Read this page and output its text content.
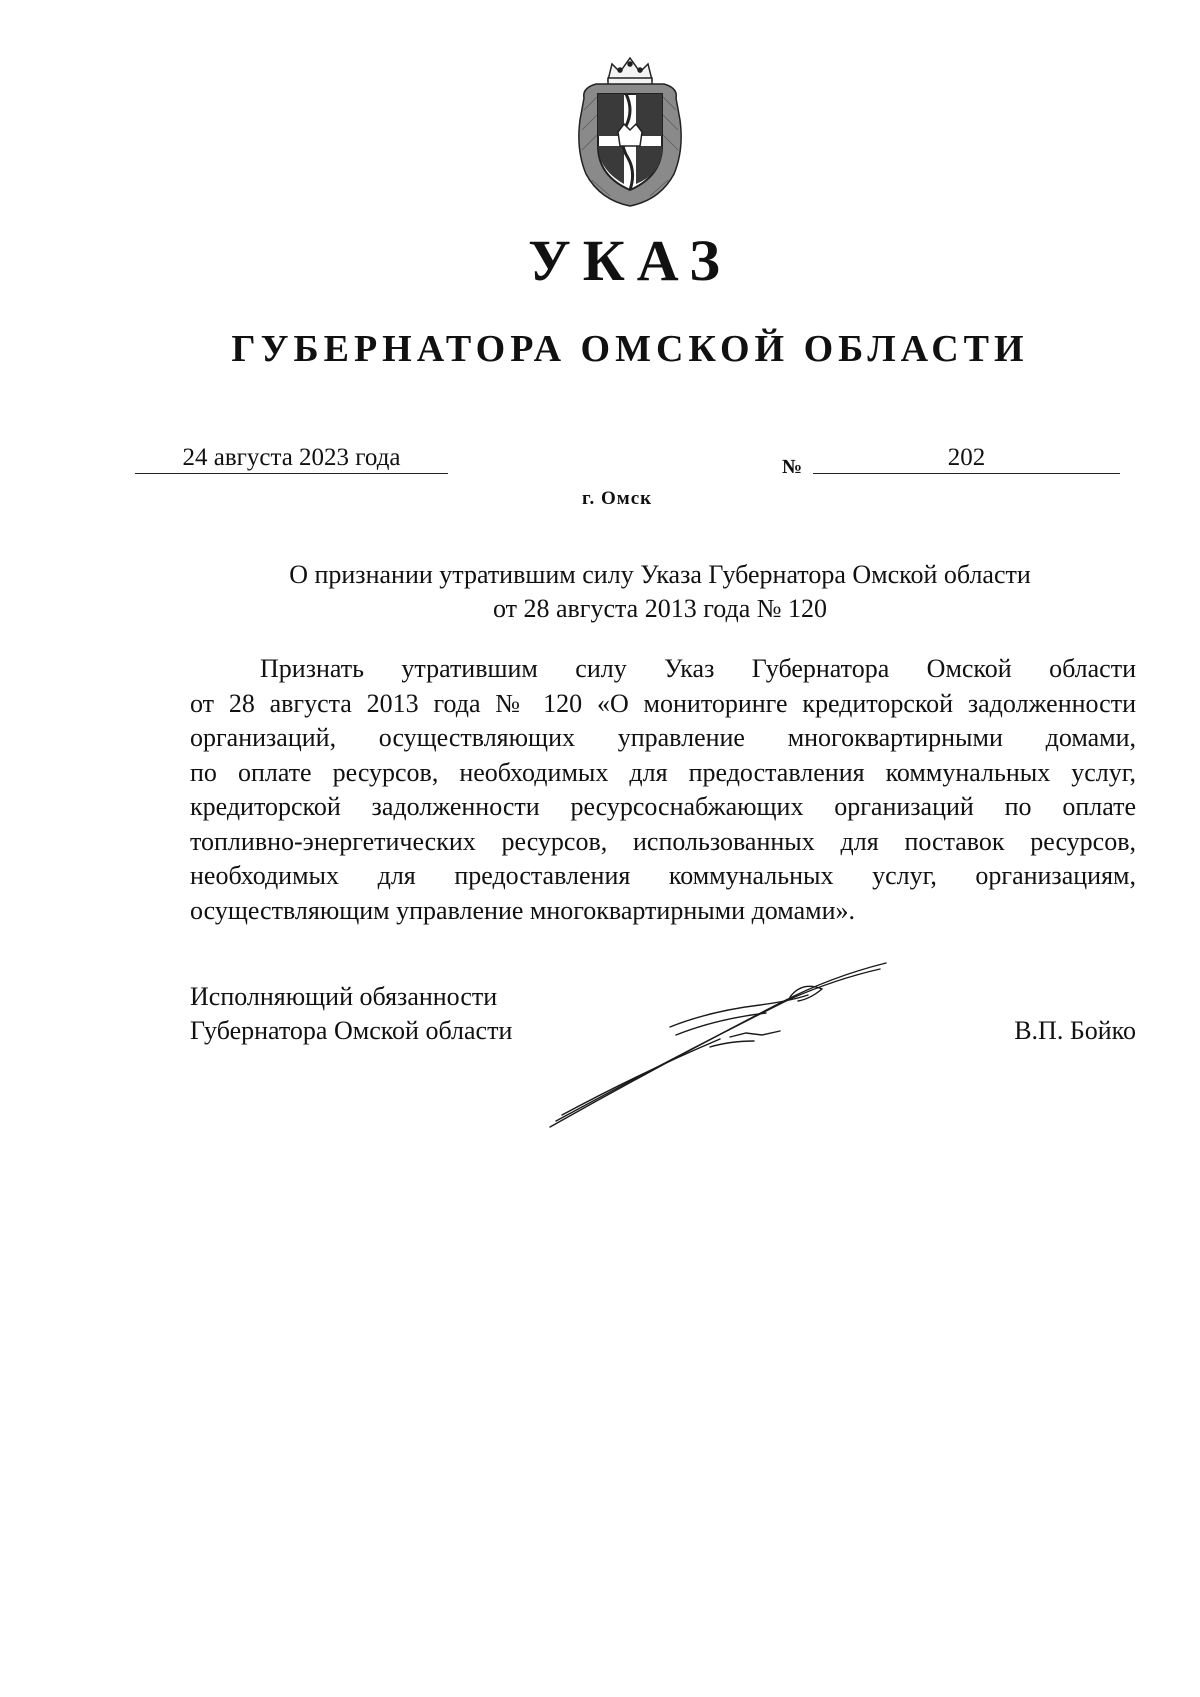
УКАЗ
ГУБЕРНАТОРА ОМСКОЙ ОБЛАСТИ
24 августа 2023 года	№	202
г. Омск
О признании утратившим силу Указа Губернатора Омской области
от 28 августа 2013 года № 120
Признать утратившим силу Указ Губернатора Омской области
от 28 августа 2013 года № 120 «О мониторинге кредиторской задолженности
организаций, осуществляющих управление многоквартирными домами,
по оплате ресурсов, необходимых для предоставления коммунальных услуг,
кредиторской задолженности ресурсоснабжающих организаций по оплате
топливно-энергетических ресурсов, использованных для поставок ресурсов,
необходимых для предоставления коммунальных услуг, организациям,
осуществляющим управление многоквартирными домами».
Исполняющий обязанности
Губернатора Омской области	В.П. Бойко
